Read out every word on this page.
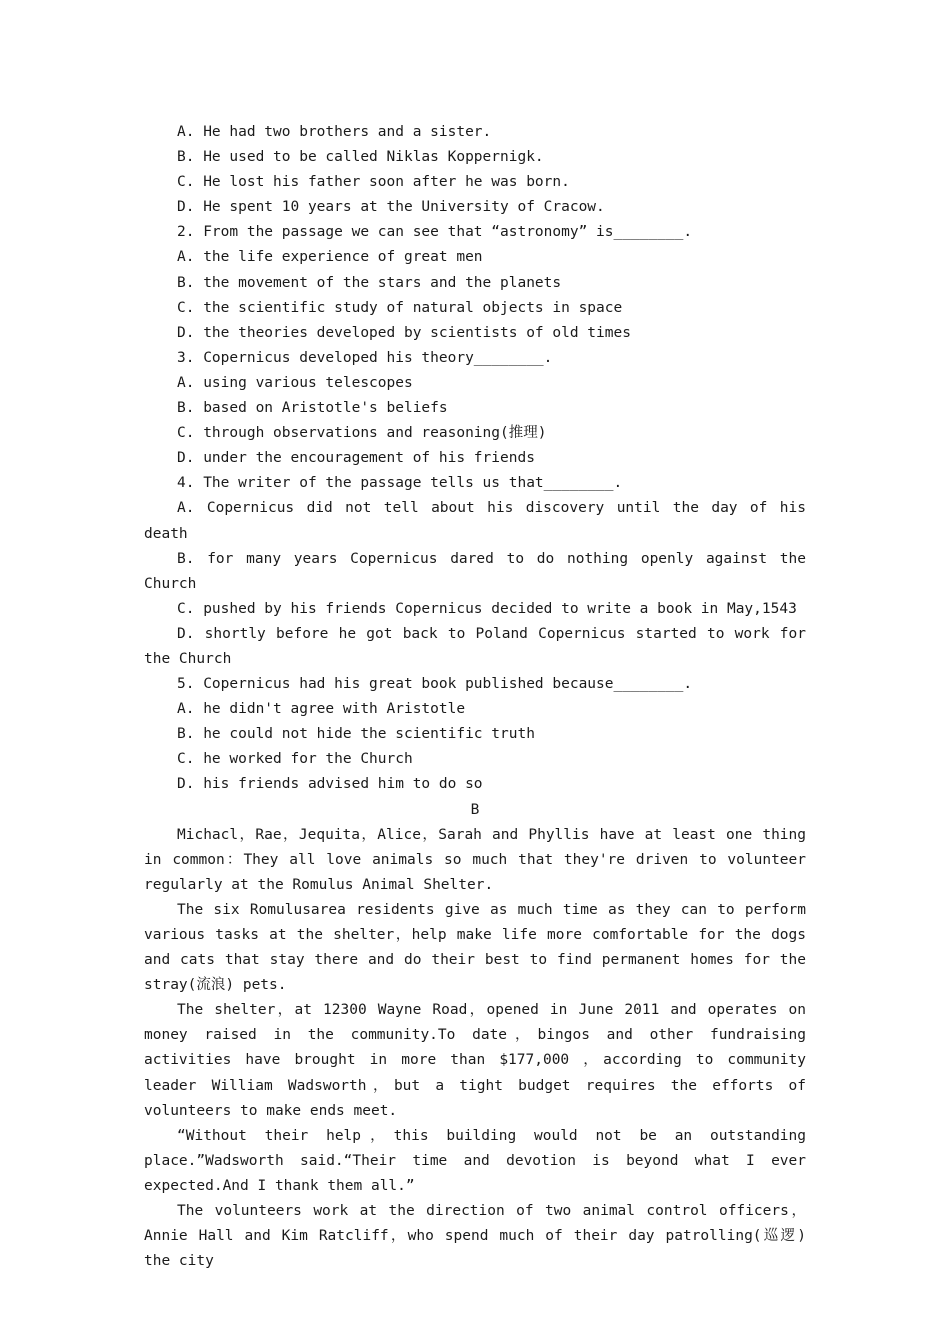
A. He had two brothers and a sister.

B. He used to be called Niklas Koppernigk.

C. He lost his father soon after he was born.

D. He spent 10 years at the University of Cracow.

2. From the passage we can see that “astronomy” is________.

A. the life experience of great men

B. the movement of the stars and the planets

C. the scientific study of natural objects in space

D. the theories developed by scientists of old times

3. Copernicus developed his theory________.

A. using various telescopes

B. based on Aristotle's beliefs

C. through observations and reasoning(推理)

D. under the encouragement of his friends

4. The writer of the passage tells us that________.

A. Copernicus did not tell about his discovery until the day of his death

B. for many years Copernicus dared to do nothing openly against the Church

C. pushed by his friends Copernicus decided to write a book in May,1543

D. shortly before he got back to Poland Copernicus started to work for the Church

5. Copernicus had his great book published because________.

A. he didn't agree with Aristotle

B. he could not hide the scientific truth

C. he worked for the Church

D. his friends advised him to do so

B

Michacl，Rae，Jequita，Alice，Sarah and Phyllis have at least one thing in common：They all love animals so much that they're driven to volunteer regularly at the Romulus Animal Shelter.

The six Romulusarea residents give as much time as they can to perform various tasks at the shelter，help make life more comfortable for the dogs and cats that stay there and do their best to find permanent homes for the stray(流浪) pets.

The shelter，at 12300 Wayne Road，opened in June 2011 and operates on money raised in the community.To date，bingos and other fundraising activities have brought in more than $177,000 ，according to community leader William Wadsworth，but a tight budget requires the efforts of volunteers to make ends meet.

“Without their help，this building would not be an outstanding place.”Wadsworth said.“Their time and devotion is beyond what I ever expected.And I thank them all.”

The volunteers work at the direction of two animal control officers，Annie Hall and Kim Ratcliff，who spend much of their day patrolling(巡逻) the city
